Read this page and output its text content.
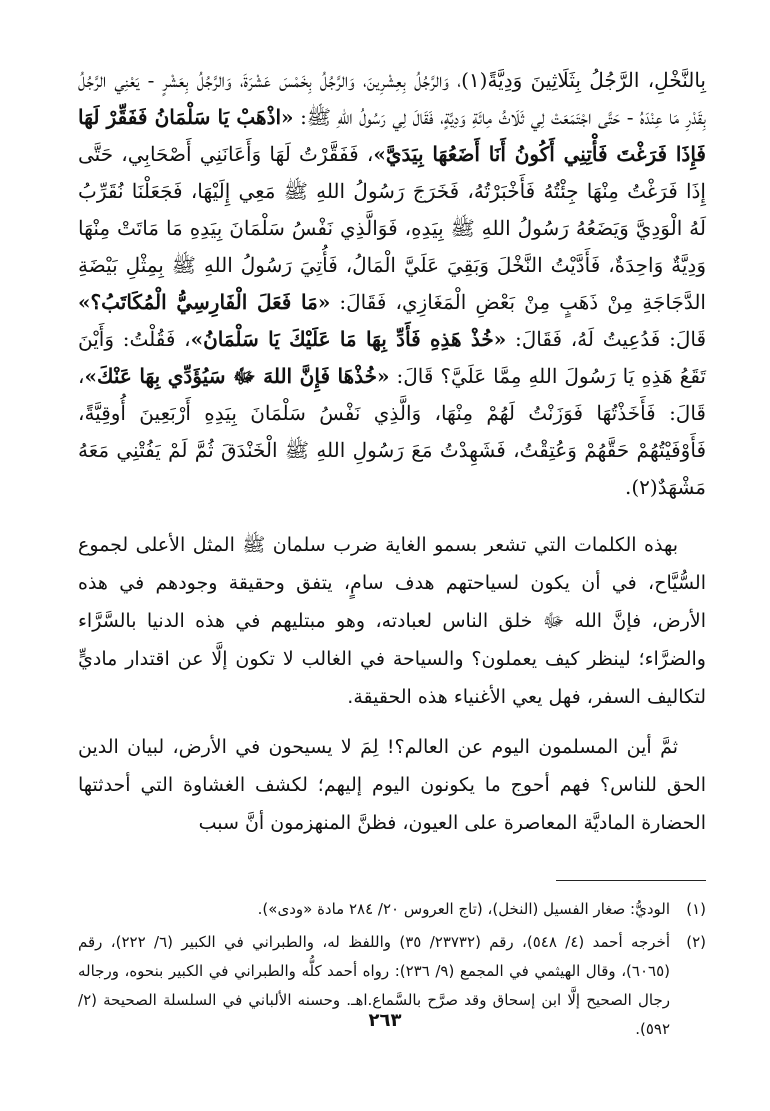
بِالنَّخْلِ، الرَّجُلُ بِثَلَاثِينَ وَدِيَّةً(١)، وَالرَّجُلُ بِعِشْرِينَ، وَالرَّجُلُ بِخَمْسَ عَشْرَةَ، وَالرَّجُلُ بِعَشْرٍ - يَعْنِي الرَّجُلُ بِقَدْرِ مَا عِنْدَهُ - حَتَّى اجْتَمَعَتْ لِي ثَلَاثُ مِائَةِ وَدِيَّةٍ، فَقَالَ لِي رَسُولُ اللهِ ﷺ: «اذْهَبْ يَا سَلْمَانُ فَفَقِّرْ لَهَا فَإِذَا فَرَغْتَ فَأْتِنِي أَكُونُ أَنَا أَضَعُهَا بِيَدَيَّ»، فَفَقَّرْتُ لَهَا وَأَعَانَنِي أَصْحَابِي، حَتَّى إِذَا فَرَغْتُ مِنْهَا جِئْتُهُ فَأَخْبَرْتُهُ، فَخَرَجَ رَسُولُ اللهِ ﷺ مَعِي إِلَيْهَا، فَجَعَلْنَا نُقَرِّبُ لَهُ الْوَدِيَّ وَيَضَعُهُ رَسُولُ اللهِ ﷺ بِيَدِهِ، فَوَالَّذِي نَفْسُ سَلْمَانَ بِيَدِهِ مَا مَاتَتْ مِنْهَا وَدِيَّةٌ وَاحِدَةٌ، فَأَدَّيْتُ النَّخْلَ وَبَقِيَ عَلَيَّ الْمَالُ، فَأُتِيَ رَسُولُ اللهِ ﷺ بِمِثْلِ بَيْضَةِ الدَّجَاجَةِ مِنْ ذَهَبٍ مِنْ بَعْضِ الْمَغَازِي، فَقَالَ: «مَا فَعَلَ الْفَارِسِيُّ الْمُكَاتَبُ؟» قَالَ: فَدُعِيتُ لَهُ، فَقَالَ: «خُذْ هَذِهِ فَأَدِّ بِهَا مَا عَلَيْكَ يَا سَلْمَانُ»، فَقُلْتُ: وَأَيْنَ تَقَعُ هَذِهِ يَا رَسُولَ اللهِ مِمَّا عَلَيَّ؟ قَالَ: «خُذْهَا فَإِنَّ اللهَ ﷻ سَيُؤَدِّي بِهَا عَنْكَ»، قَالَ: فَأَخَذْتُهَا فَوَزَنْتُ لَهُمْ مِنْهَا، وَالَّذِي نَفْسُ سَلْمَانَ بِيَدِهِ أَرْبَعِينَ أُوقِيَّةً، فَأَوْفَيْتُهُمْ حَقَّهُمْ وَعُتِقْتُ، فَشَهِدْتُ مَعَ رَسُولِ اللهِ ﷺ الْخَنْدَقَ ثُمَّ لَمْ يَفُتْنِي مَعَهُ مَشْهَدٌ(٢).

بهذه الكلمات التي تشعر بسمو الغاية ضرب سلمان ﷺ المثل الأعلى لجموع السُّيَّاح، في أن يكون لسياحتهم هدف سامٍ، يتفق وحقيقة وجودهم في هذه الأرض، فإنَّ الله ﷻ خلق الناس لعبادته، وهو مبتليهم في هذه الدنيا بالسَّرَّاء والضرَّاء؛ لينظر كيف يعملون؟ والسياحة في الغالب لا تكون إلَّا عن اقتدار ماديٍّ لتكاليف السفر، فهل يعي الأغنياء هذه الحقيقة.

ثمَّ أين المسلمون اليوم عن العالم؟! لِمَ لا يسيحون في الأرض، لبيان الدين الحق للناس؟ فهم أحوج ما يكونون اليوم إليهم؛ لكشف الغشاوة التي أحدثتها الحضارة الماديَّة المعاصرة على العيون، فظنَّ المنهزمون أنَّ سبب

(١)
الوديُّ: صغار الفسيل (النخل)، (تاج العروس ٢٠/ ٢٨٤ مادة «ودى»).
(٢)
أخرجه أحمد (٤/ ٥٤٨)، رقم (٢٣٧٣٢/ ٣٥) واللفظ له، والطبراني في الكبير (٦/ ٢٢٢)، رقم (٦٠٦٥)، وقال الهيثمي في المجمع (٩/ ٢٣٦): رواه أحمد كلُّه والطبراني في الكبير بنحوه، ورجاله رجال الصحيح إلَّا ابن إسحاق وقد صرَّح بالسَّماع.اهـ. وحسنه الألباني في السلسلة الصحيحة (٢/ ٥٩٢).
٢٦٣
